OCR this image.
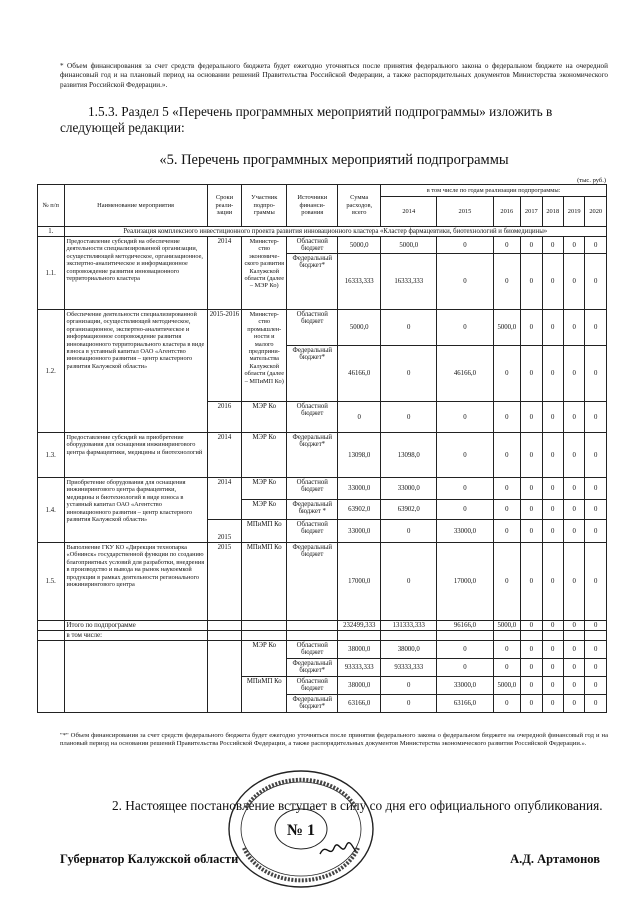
* Объем финансирования за счет средств федерального бюджета будет ежегодно уточняться после принятия федерального закона о федеральном бюджете на очередной финансовый год и на плановый период на основании решений Правительства Российской Федерации, а также распорядительных документов Министерства экономического развития Российской Федерации.».
1.5.3. Раздел 5 «Перечень программных мероприятий подпрограммы» изложить в следующей редакции:
«5. Перечень программных мероприятий подпрограммы
(тыс. руб.)
№ п/п	Наименование мероприятия	Сроки реали-зации	Участник подпро-граммы	Источники финанси-рования	Сумма расходов, всего	в том числе по годам реализации подпрограммы:						
						2014	2015	2016	2017	2018	2019	2020
1.	Реализация комплексного инвестиционного проекта развития инновационного кластера «Кластер фармацевтики, биотехнологий и биомедицины»											
1.1.	Предоставление субсидий на обеспечение деятельности специализированной организации, осуществляющей методическое, организационное, экспертно-аналитическое и информационное сопровождение развития инновационного территориального кластера	2014	Министер-ство экономиче-ского развития Калужской области (далее – МЭР Ко)	Областной бюджет	5000,0	5000,0	0	0	0	0	0	0
				Федеральный бюджет*	16333,333	16333,333	0	0	0	0	0	0
1.2.	Обеспечение деятельности специализированной организации, осуществляющей методическое, организационное, экспертно-аналитическое и информационное сопровождение развития инновационного территориального кластера в виде взноса в уставный капитал ОАО «Агентство инновационного развития – центр кластерного развития Калужской области»	2015-2016	Министер-ство промышлен-ности и малого предприни-мательства Калужской области (далее – МПиМП Ко)	Областной бюджет	5000,0	0	0	5000,0	0	0	0	0
				Федеральный бюджет*	46166,0	0	46166,0	0	0	0	0	0
		2016	МЭР Ко	Областной бюджет	0	0	0	0	0	0	0	0
1.3.	Предоставление субсидий на приобретение оборудования для оснащения инжинирингового центра фармацевтики, медицины и биотехнологий	2014	МЭР Ко	Федеральный бюджет*	13098,0	13098,0	0	0	0	0	0	0
1.4.	Приобретение оборудования для оснащения инжинирингового центра фармацевтики, медицины и биотехнологий в виде взноса в уставный капитал ОАО «Агентство инновационного развития – центр кластерного развития Калужской области»	2014	МЭР Ко	Областной бюджет	33000,0	33000,0	0	0	0	0	0	0
			МЭР Ко	Федеральный бюджет *	63902,0	63902,0	0	0	0	0	0	0
		2015	МПиМП Ко	Областной бюджет	33000,0	0	33000,0	0	0	0	0	0
1.5.	Выполнение ГКУ КО «Дирекция технопарка «Обнинск» государственной функции по созданию благоприятных условий для разработки, внедрения в производство и вывода на рынок наукоемкой продукции в рамках деятельности регионального инжинирингового центра	2015	МПиМП Ко	Федеральный бюджет	17000,0	0	17000,0	0	0	0	0	0
	Итого по подпрограмме				232499,333	131333,333	96166,0	5000,0	0	0	0	0
	в том числе:											
			МЭР Ко	Областной бюджет	38000,0	38000,0	0	0	0	0	0	0
				Федеральный бюджет*	93333,333	93333,333	0	0	0	0	0	0
			МПиМП Ко	Областной бюджет	38000,0	0	33000,0	5000,0	0	0	0	0
				Федеральный бюджет*	63166,0	0	63166,0	0	0	0	0	0
"*" Объем финансирования за счет средств федерального бюджета будет ежегодно уточняться после принятия федерального закона о федеральном бюджете на очередной финансовый год и на плановый период на основании решений Правительства Российской Федерации, а также распорядительных документов Министерства экономического развития Российской Федерации.».
2. Настоящее постановление вступает в силу со дня его официального опубликования.
№ 1
Губернатор Калужской области	А.Д. Артамонов
